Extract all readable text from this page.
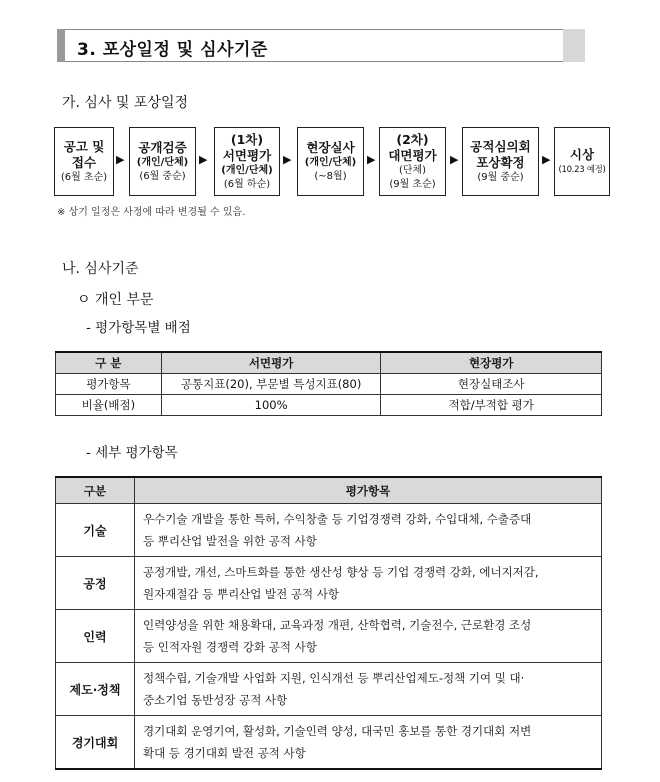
3. 포상일정 및 심사기준
가. 심사 및 포상일정
공고 및
접수
(6월 초순)
▶
공개검증
(개인/단체)
(6월 중순)
▶
(1차)
서면평가
(개인/단체)
(6월 하순)
▶
현장실사
(개인/단체)
(~8월)
▶
(2차)
대면평가
(단체)
(9월 초순)
▶
공적심의회
포상확정
(9월 중순)
▶ 시상
(10.23 예정)
※ 상기 일정은 사정에 따라 변경될 수 있음.
나. 심사기준
ㅇ 개인 부문
- 평가항목별 배점
구 분	서면평가	현장평가
평가항목	공통지표(20), 부문별 특성지표(80)	현장실태조사
비율(배점)	100%	적합/부적합 평가
- 세부 평가항목
구분	평가항목
기술	우수기술 개발을 통한 특허, 수익창출 등 기업경쟁력 강화, 수입대체, 수출증대
등 뿌리산업 발전을 위한 공적 사항

공정	공정개발, 개선, 스마트화를 통한 생산성 향상 등 기업 경쟁력 강화, 에너지저감,
원자재절감 등 뿌리산업 발전 공적 사항

인력	인력양성을 위한 채용확대, 교육과정 개편, 산학협력, 기술전수, 근로환경 조성
등 인적자원 경쟁력 강화 공적 사항

제도·정책	정책수립, 기술개발 사업화 지원, 인식개선 등 뿌리산업제도-정책 기여 및 대·
중소기업 동반성장 공적 사항

경기대회	경기대회 운영기여, 활성화, 기술인력 양성, 대국민 홍보를 통한 경기대회 저변
확대 등 경기대회 발전 공적 사항
